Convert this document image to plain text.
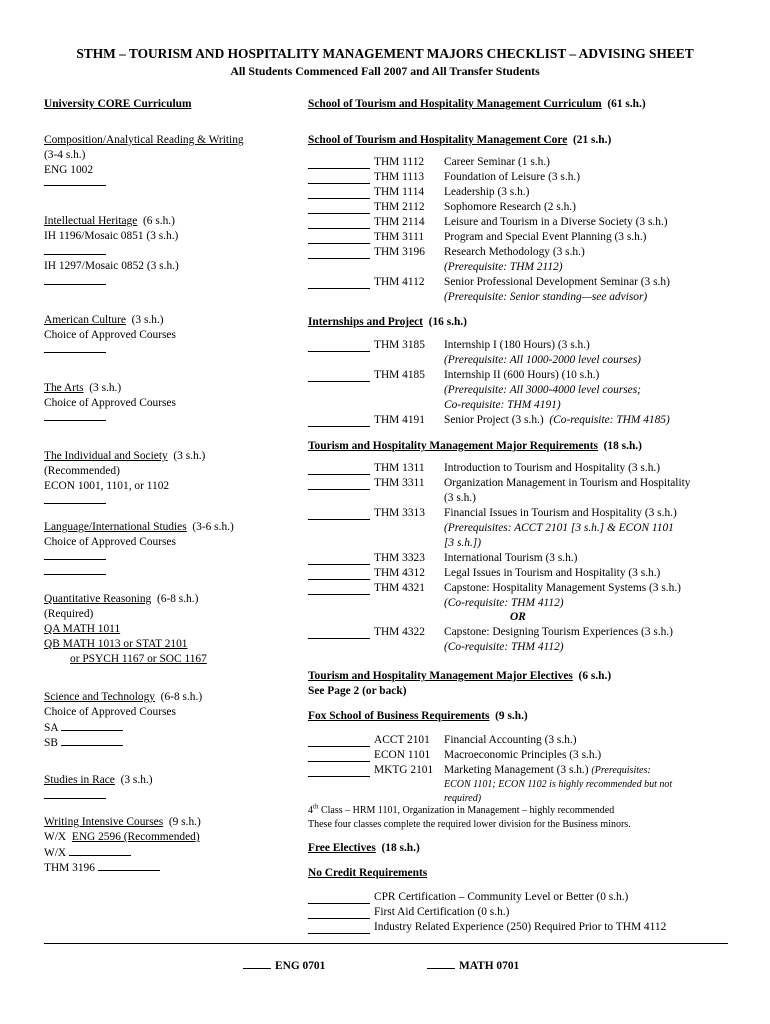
STHM – TOURISM AND HOSPITALITY MANAGEMENT MAJORS CHECKLIST – ADVISING SHEET
All Students Commenced Fall 2007 and All Transfer Students
University CORE Curriculum
Composition/Analytical Reading & Writing
(3-4 s.h.)
ENG 1002
Intellectual Heritage (6 s.h.)
IH 1196/Mosaic 0851 (3 s.h.)
IH 1297/Mosaic 0852 (3 s.h.)
American Culture (3 s.h.)
Choice of Approved Courses
The Arts (3 s.h.)
Choice of Approved Courses
The Individual and Society (3 s.h.)
(Recommended)
ECON 1001, 1101, or 1102
Language/International Studies (3-6 s.h.)
Choice of Approved Courses
Quantitative Reasoning (6-8 s.h.)
(Required)
QA MATH 1011
QB MATH 1013 or STAT 2101
or PSYCH 1167 or SOC 1167
Science and Technology (6-8 s.h.)
Choice of Approved Courses
SA
SB
Studies in Race (3 s.h.)
Writing Intensive Courses (9 s.h.)
W/X ENG 2596 (Recommended)
W/X
THM 3196
School of Tourism and Hospitality Management Curriculum (61 s.h.)
School of Tourism and Hospitality Management Core (21 s.h.)
THM 1112 Career Seminar (1 s.h.)
THM 1113 Foundation of Leisure (3 s.h.)
THM 1114 Leadership (3 s.h.)
THM 2112 Sophomore Research (2 s.h.)
THM 2114 Leisure and Tourism in a Diverse Society (3 s.h.)
THM 3111 Program and Special Event Planning (3 s.h.)
THM 3196 Research Methodology (3 s.h.)
(Prerequisite: THM 2112)
THM 4112 Senior Professional Development Seminar (3 s.h)
(Prerequisite: Senior standing—see advisor)
Internships and Project (16 s.h.)
THM 3185 Internship I (180 Hours) (3 s.h.)
(Prerequisite: All 1000-2000 level courses)
THM 4185 Internship II (600 Hours) (10 s.h.)
(Prerequisite: All 3000-4000 level courses;
Co-requisite: THM 4191)
THM 4191 Senior Project (3 s.h.) (Co-requisite: THM 4185)
Tourism and Hospitality Management Major Requirements (18 s.h.)
THM 1311 Introduction to Tourism and Hospitality (3 s.h.)
THM 3311 Organization Management in Tourism and Hospitality
(3 s.h.)
THM 3313 Financial Issues in Tourism and Hospitality (3 s.h.)
(Prerequisites: ACCT 2101 [3 s.h.] & ECON 1101
[3 s.h.])
THM 3323 International Tourism (3 s.h.)
THM 4312 Legal Issues in Tourism and Hospitality (3 s.h.)
THM 4321 Capstone: Hospitality Management Systems (3 s.h.)
(Co-requisite: THM 4112)
OR
THM 4322 Capstone: Designing Tourism Experiences (3 s.h.)
(Co-requisite: THM 4112)
Tourism and Hospitality Management Major Electives (6 s.h.)
See Page 2 (or back)
Fox School of Business Requirements (9 s.h.)
ACCT 2101 Financial Accounting (3 s.h.)
ECON 1101 Macroeconomic Principles (3 s.h.)
MKTG 2101 Marketing Management (3 s.h.) (Prerequisites:
ECON 1101; ECON 1102 is highly recommended but not
required)
4th Class – HRM 1101, Organization in Management – highly recommended
These four classes complete the required lower division for the Business minors.
Free Electives (18 s.h.)
No Credit Requirements
CPR Certification – Community Level or Better (0 s.h.)
First Aid Certification (0 s.h.)
Industry Related Experience (250) Required Prior to THM 4112
ENG 0701	MATH 0701
